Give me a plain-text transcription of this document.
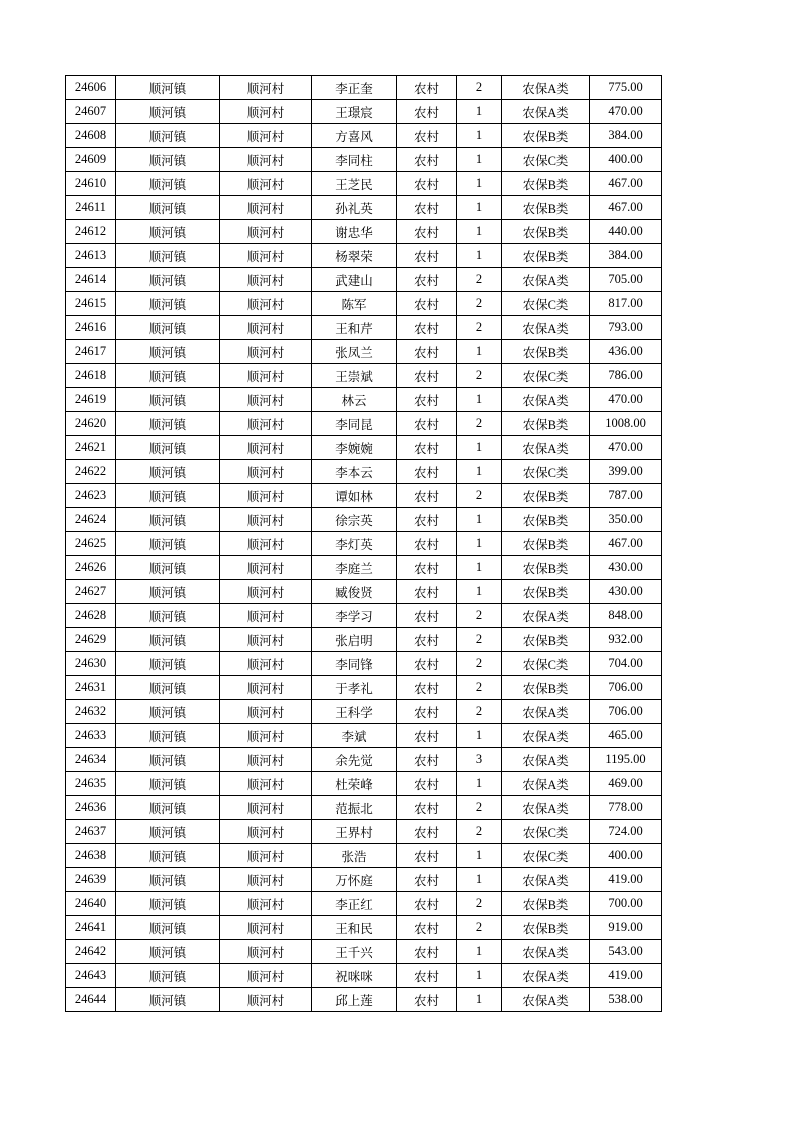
24606	顺河镇	顺河村	李正奎	农村	2	农保A类	775.00
24607	顺河镇	顺河村	王璟宸	农村	1	农保A类	470.00
24608	顺河镇	顺河村	方喜风	农村	1	农保B类	384.00
24609	顺河镇	顺河村	李同柱	农村	1	农保C类	400.00
24610	顺河镇	顺河村	王芝民	农村	1	农保B类	467.00
24611	顺河镇	顺河村	孙礼英	农村	1	农保B类	467.00
24612	顺河镇	顺河村	谢忠华	农村	1	农保B类	440.00
24613	顺河镇	顺河村	杨翠荣	农村	1	农保B类	384.00
24614	顺河镇	顺河村	武建山	农村	2	农保A类	705.00
24615	顺河镇	顺河村	陈军	农村	2	农保C类	817.00
24616	顺河镇	顺河村	王和芹	农村	2	农保A类	793.00
24617	顺河镇	顺河村	张凤兰	农村	1	农保B类	436.00
24618	顺河镇	顺河村	王崇斌	农村	2	农保C类	786.00
24619	顺河镇	顺河村	林云	农村	1	农保A类	470.00
24620	顺河镇	顺河村	李同昆	农村	2	农保B类	1008.00
24621	顺河镇	顺河村	李婉婉	农村	1	农保A类	470.00
24622	顺河镇	顺河村	李本云	农村	1	农保C类	399.00
24623	顺河镇	顺河村	谭如林	农村	2	农保B类	787.00
24624	顺河镇	顺河村	徐宗英	农村	1	农保B类	350.00
24625	顺河镇	顺河村	李灯英	农村	1	农保B类	467.00
24626	顺河镇	顺河村	李庭兰	农村	1	农保B类	430.00
24627	顺河镇	顺河村	臧俊贤	农村	1	农保B类	430.00
24628	顺河镇	顺河村	李学习	农村	2	农保A类	848.00
24629	顺河镇	顺河村	张启明	农村	2	农保B类	932.00
24630	顺河镇	顺河村	李同锋	农村	2	农保C类	704.00
24631	顺河镇	顺河村	于孝礼	农村	2	农保B类	706.00
24632	顺河镇	顺河村	王科学	农村	2	农保A类	706.00
24633	顺河镇	顺河村	李斌	农村	1	农保A类	465.00
24634	顺河镇	顺河村	余先觉	农村	3	农保A类	1195.00
24635	顺河镇	顺河村	杜荣峰	农村	1	农保A类	469.00
24636	顺河镇	顺河村	范振北	农村	2	农保A类	778.00
24637	顺河镇	顺河村	王界村	农村	2	农保C类	724.00
24638	顺河镇	顺河村	张浩	农村	1	农保C类	400.00
24639	顺河镇	顺河村	万怀庭	农村	1	农保A类	419.00
24640	顺河镇	顺河村	李正红	农村	2	农保B类	700.00
24641	顺河镇	顺河村	王和民	农村	2	农保B类	919.00
24642	顺河镇	顺河村	王千兴	农村	1	农保A类	543.00
24643	顺河镇	顺河村	祝咪咪	农村	1	农保A类	419.00
24644	顺河镇	顺河村	邱上莲	农村	1	农保A类	538.00
